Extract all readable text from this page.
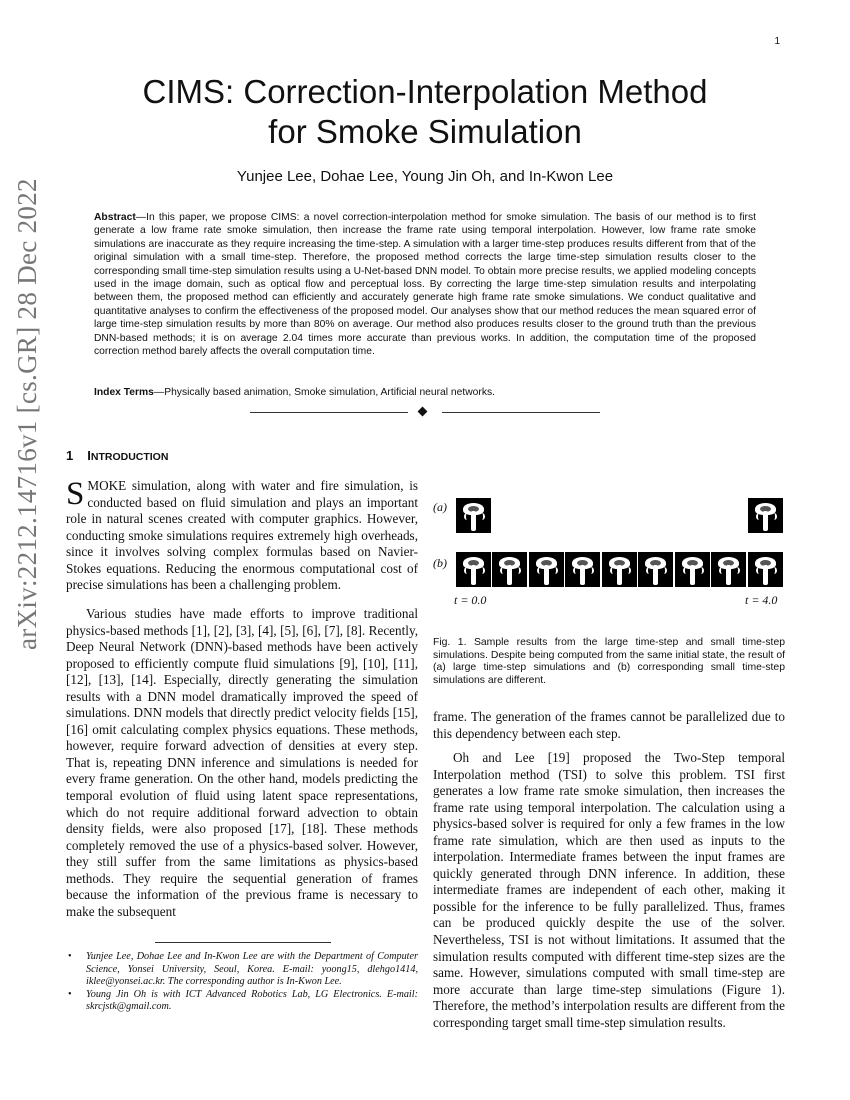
1
arXiv:2212.14716v1 [cs.GR] 28 Dec 2022
CIMS: Correction-Interpolation Method
for Smoke Simulation
Yunjee Lee, Dohae Lee, Young Jin Oh, and In-Kwon Lee
Abstract—In this paper, we propose CIMS: a novel correction-interpolation method for smoke simulation. The basis of our method is to first generate a low frame rate smoke simulation, then increase the frame rate using temporal interpolation. However, low frame rate smoke simulations are inaccurate as they require increasing the time-step. A simulation with a larger time-step produces results different from that of the original simulation with a small time-step. Therefore, the proposed method corrects the large time-step simulation results closer to the corresponding small time-step simulation results using a U-Net-based DNN model. To obtain more precise results, we applied modeling concepts used in the image domain, such as optical flow and perceptual loss. By correcting the large time-step simulation results and interpolating between them, the proposed method can efficiently and accurately generate high frame rate smoke simulations. We conduct qualitative and quantitative analyses to confirm the effectiveness of the proposed model. Our analyses show that our method reduces the mean squared error of large time-step simulation results by more than 80% on average. Our method also produces results closer to the ground truth than the previous DNN-based methods; it is on average 2.04 times more accurate than previous works. In addition, the computation time of the proposed correction method barely affects the overall computation time.
Index Terms—Physically based animation, Smoke simulation, Artificial neural networks.
1 INTRODUCTION

SMOKE simulation, along with water and fire simulation, is conducted based on fluid simulation and plays an important role in natural scenes created with computer graphics. However, conducting smoke simulations requires extremely high overheads, since it involves solving complex formulas based on Navier-Stokes equations. Reducing the enormous computational cost of precise simulations has been a challenging problem.

Various studies have made efforts to improve traditional physics-based methods [1], [2], [3], [4], [5], [6], [7], [8]. Recently, Deep Neural Network (DNN)-based methods have been actively proposed to efficiently compute fluid simulations [9], [10], [11], [12], [13], [14]. Especially, directly generating the simulation results with a DNN model dramatically improved the speed of simulations. DNN models that directly predict velocity fields [15], [16] omit calculating complex physics equations. These methods, however, require forward advection of densities at every step. That is, repeating DNN inference and simulations is needed for every frame generation. On the other hand, models predicting the temporal evolution of fluid using latent space representations, which do not require additional forward advection to obtain density fields, were also proposed [17], [18]. These methods completely removed the use of a physics-based solver. However, they still suffer from the same limitations as physics-based methods. They require the sequential generation of frames because the information of the previous frame is necessary to make the subsequent

• Yunjee Lee, Dohae Lee and In-Kwon Lee are with the Department of Computer Science, Yonsei University, Seoul, Korea. E-mail: yoong15, dlehgo1414, iklee@yonsei.ac.kr. The corresponding author is In-Kwon Lee.
• Young Jin Oh is with ICT Advanced Robotics Lab, LG Electronics. E-mail: skrcjstk@gmail.com.
(a)
(b)
t = 0.0	t = 4.0
Fig. 1. Sample results from the large time-step and small time-step simulations. Despite being computed from the same initial state, the result of (a) large time-step simulations and (b) corresponding small time-step simulations are different.

frame. The generation of the frames cannot be parallelized due to this dependency between each step.

Oh and Lee [19] proposed the Two-Step temporal Interpolation method (TSI) to solve this problem. TSI first generates a low frame rate smoke simulation, then increases the frame rate using temporal interpolation. The calculation using a physics-based solver is required for only a few frames in the low frame rate simulation, which are then used as inputs to the interpolation. Intermediate frames between the input frames are quickly generated through DNN inference. In addition, these intermediate frames are independent of each other, making it possible for the inference to be fully parallelized. Thus, frames can be produced quickly despite the use of the solver. Nevertheless, TSI is not without limitations. It assumed that the simulation results computed with different time-step sizes are the same. However, simulations computed with small time-step are more accurate than large time-step simulations (Figure 1). Therefore, the method’s interpolation results are different from the corresponding target small time-step simulation results.
